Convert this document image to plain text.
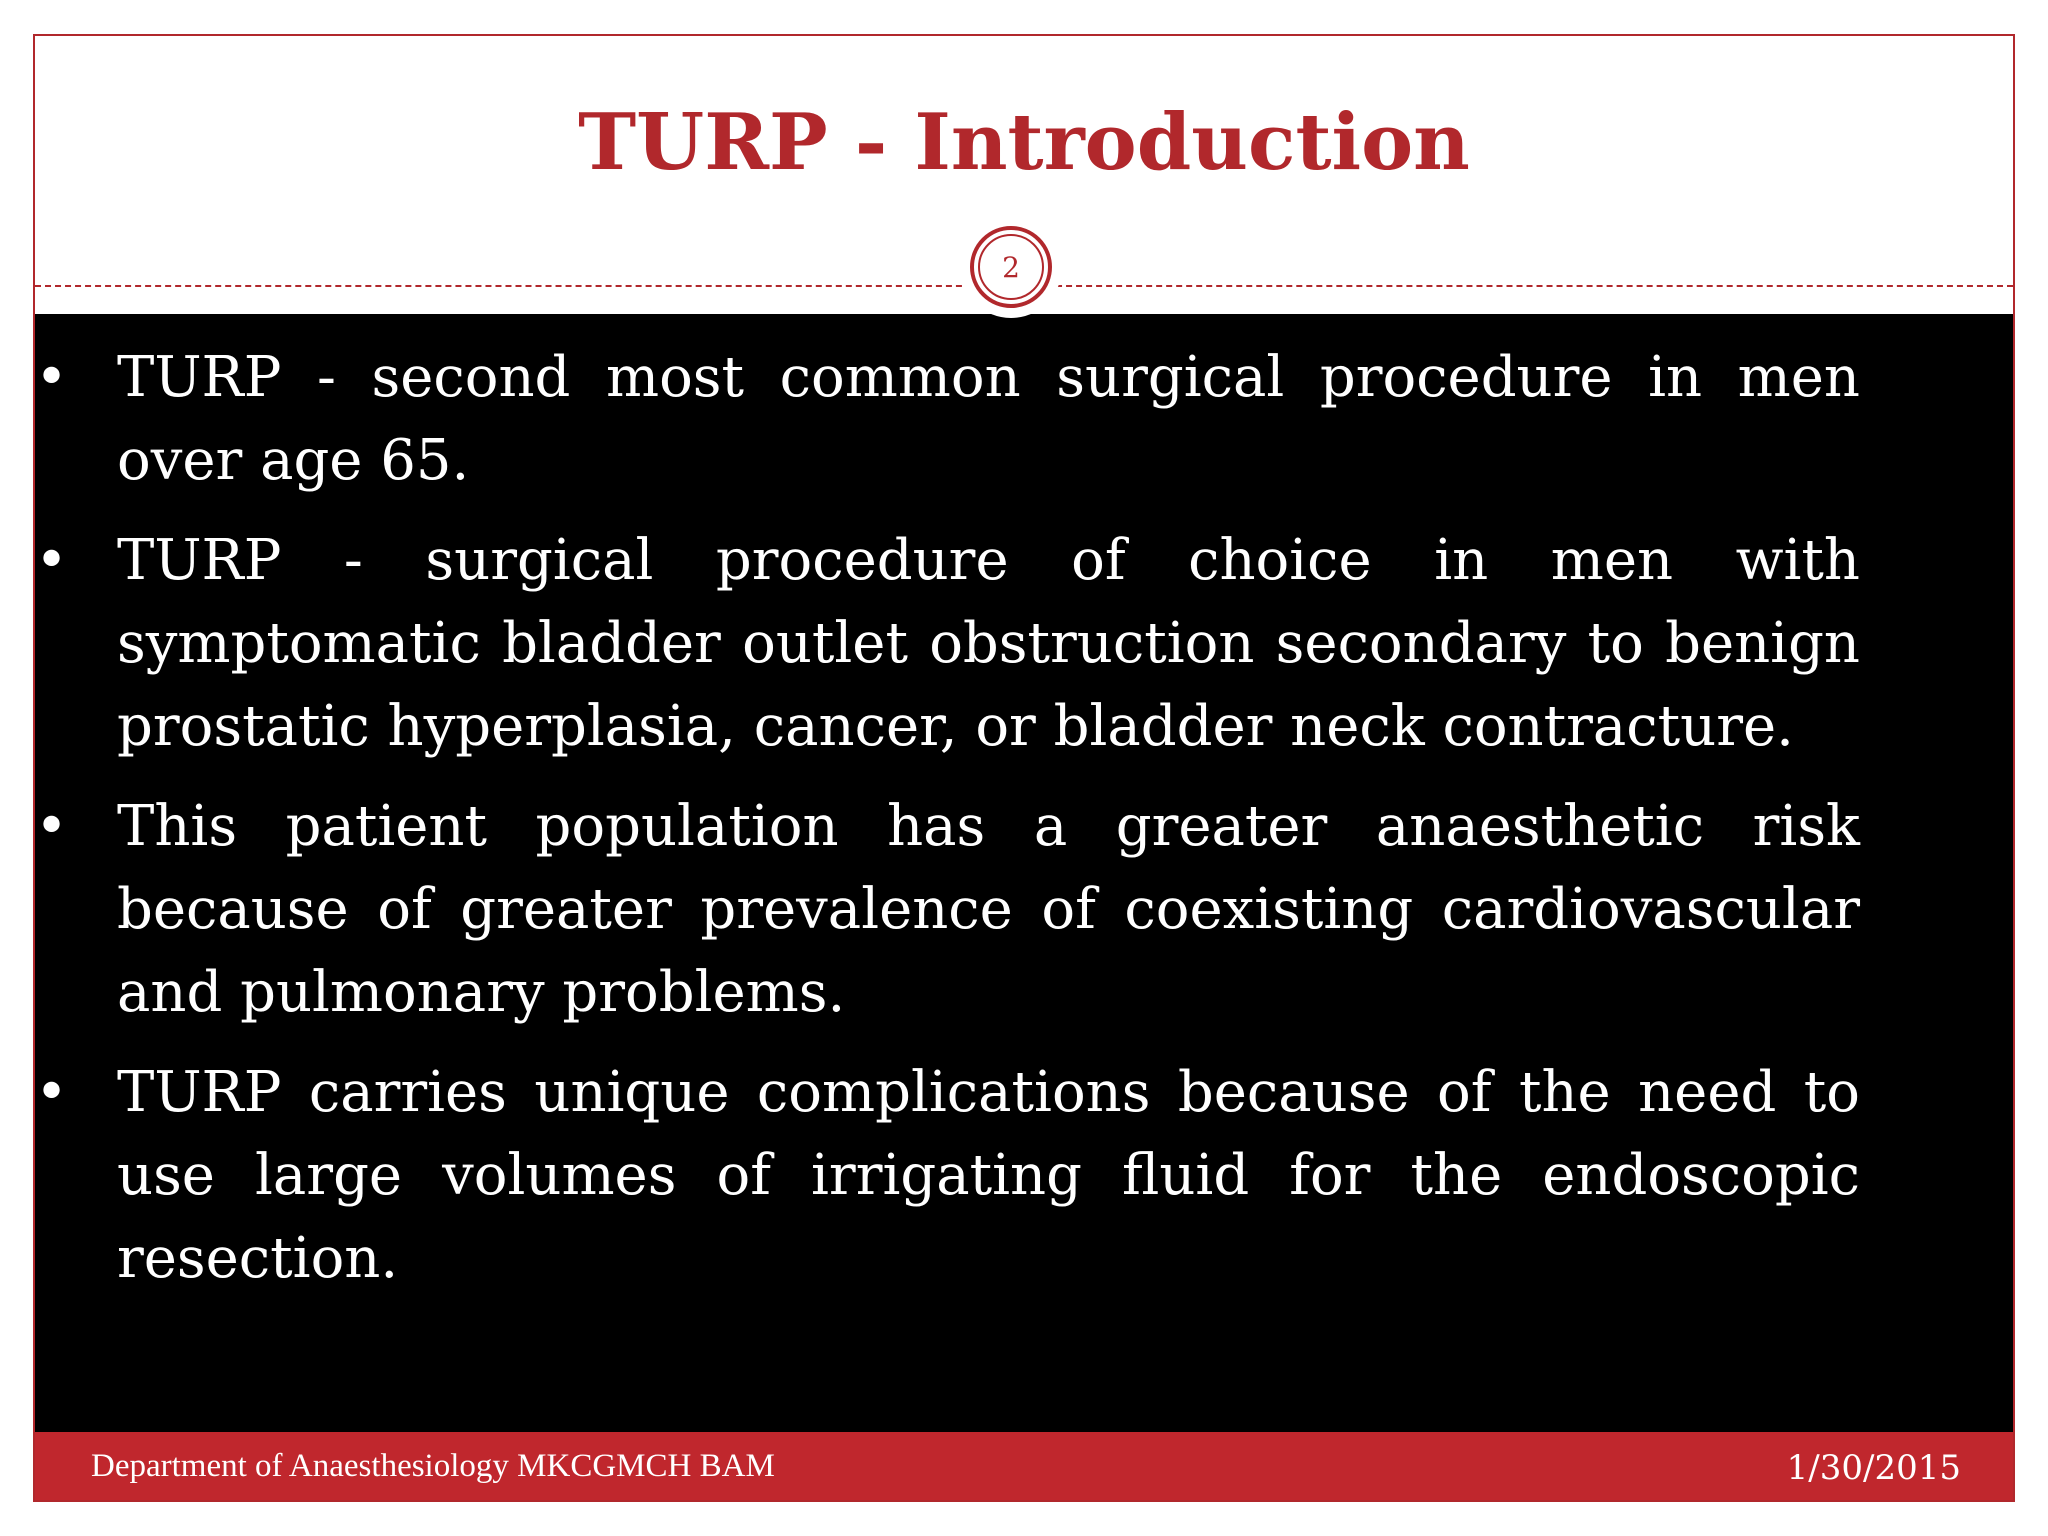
TURP - Introduction
• TURP - second most common surgical procedure in men over age 65.
• TURP - surgical procedure of choice in men with symptomatic bladder outlet obstruction secondary to benign prostatic hyperplasia, cancer, or bladder neck contracture.
• This patient population has a greater anaesthetic risk because of greater prevalence of coexisting cardiovascular and pulmonary problems.
• TURP carries unique complications because of the need to use large volumes of irrigating fluid for the endoscopic resection.
Department of Anaesthesiology MKCGMCH BAM	1/30/2015
2
